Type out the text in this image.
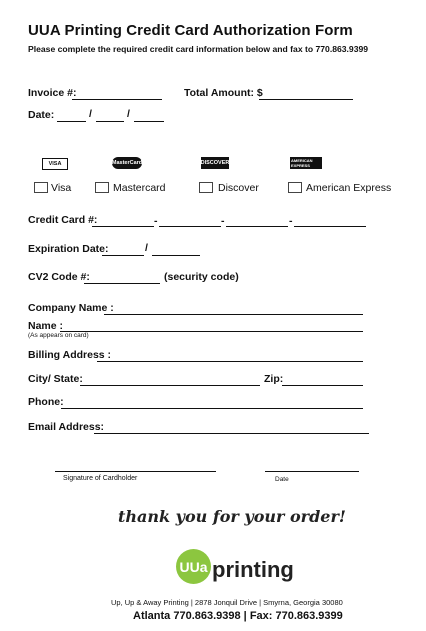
UUA Printing Credit Card Authorization Form
Please complete the required credit card information below and fax to 770.863.9399
Invoice #:	Total Amount: $
Date:	/	/
VISA	MasterCard	DISCOVER	AMERICAN EXPRESS
Visa	Mastercard	Discover	American Express
Credit Card #:	-	-	-
Expiration Date:	/
CV2 Code #:	(security code)
Company Name :
Name :
(As appears on card)
Billing Address :
City/ State:	Zip:
Phone:
Email Address:
Signature of Cardholder	Date
thank you for your order!
UUa printing
Up, Up & Away Printing | 2878 Jonquil Drive | Smyrna, Georgia 30080
Atlanta 770.863.9398 | Fax: 770.863.9399
